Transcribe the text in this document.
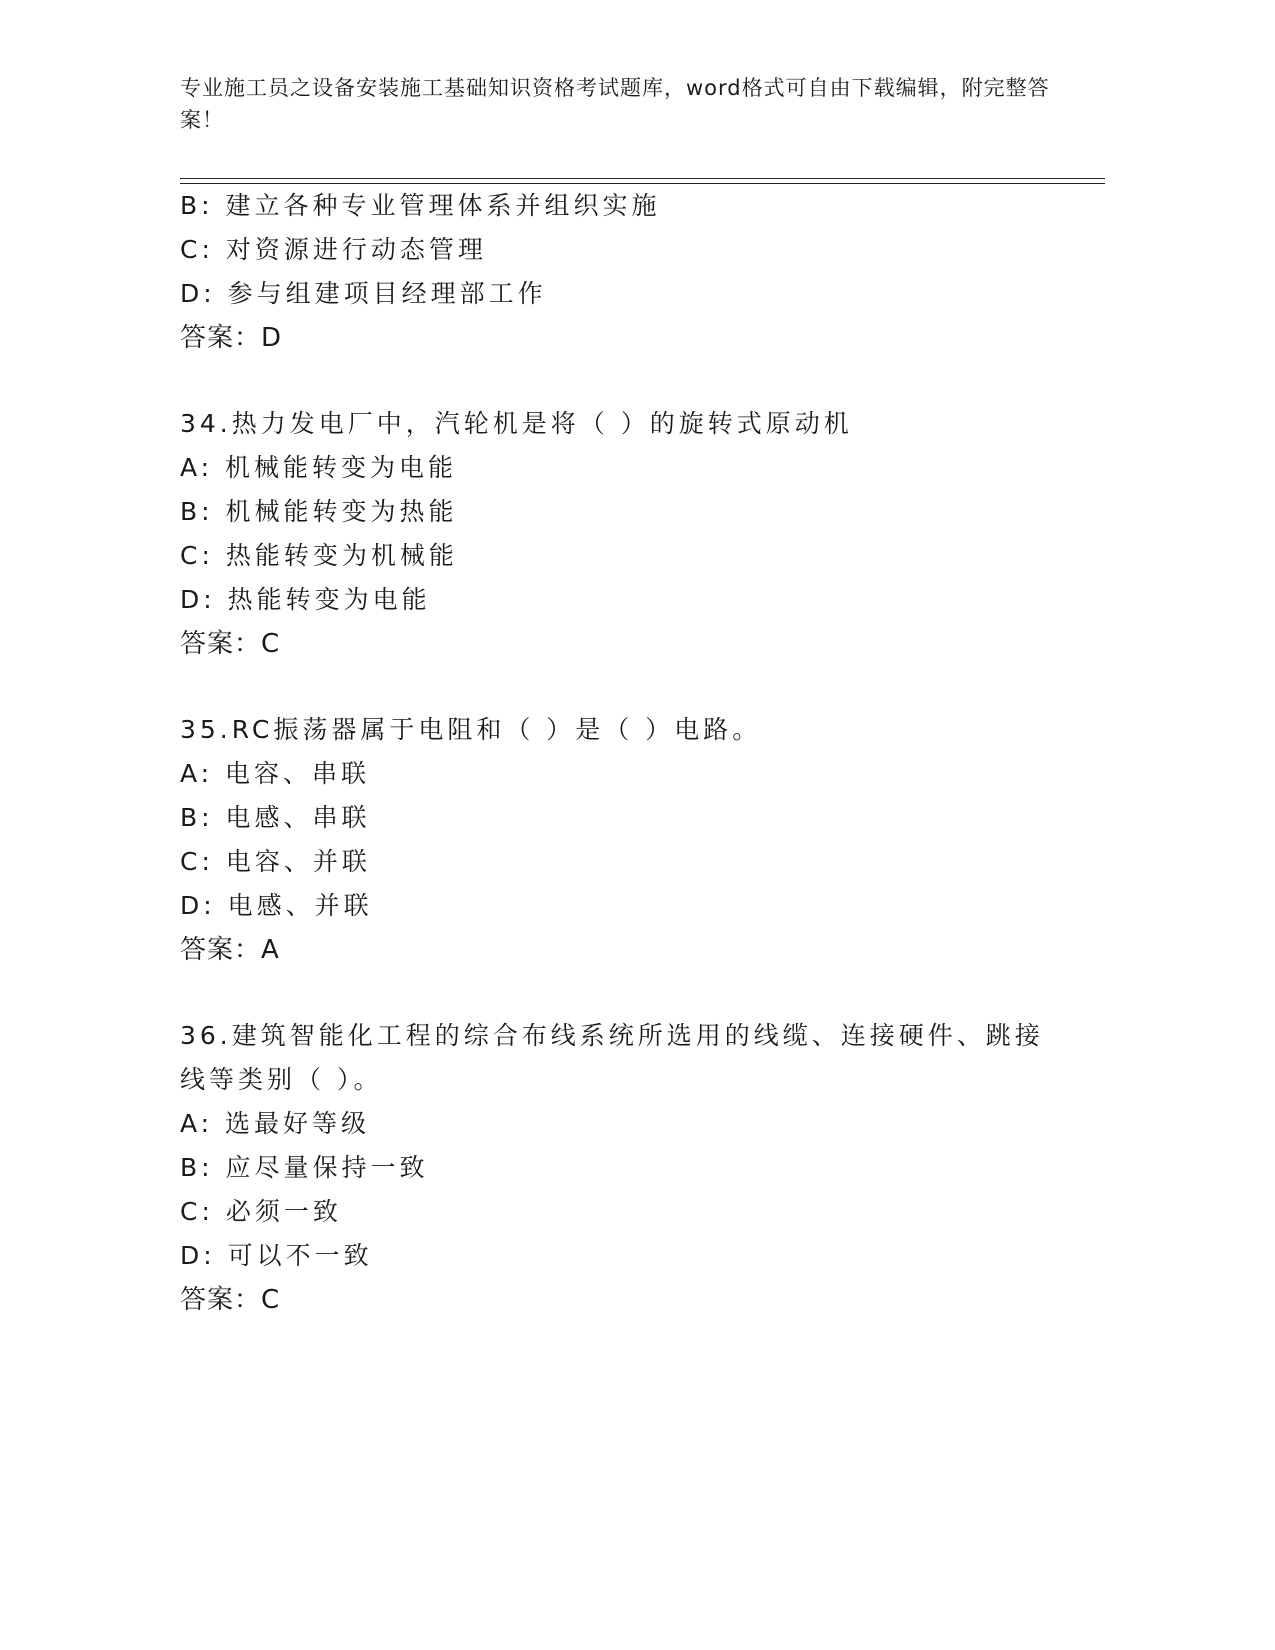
专业施工员之设备安装施工基础知识资格考试题库，word格式可自由下载编辑，附完整答案！

B: 建立各种专业管理体系并组织实施
C: 对资源进行动态管理
D: 参与组建项目经理部工作
答案：D
34.热力发电厂中，汽轮机是将（ ）的旋转式原动机
A: 机械能转变为电能
B: 机械能转变为热能
C: 热能转变为机械能
D: 热能转变为电能
答案：C
35.RC振荡器属于电阻和（ ）是（ ）电路。
A: 电容、串联
B: 电感、串联
C: 电容、并联
D: 电感、并联
答案：A
36.建筑智能化工程的综合布线系统所选用的线缆、连接硬件、跳接线等类别（ ）。
A: 选最好等级
B: 应尽量保持一致
C: 必须一致
D: 可以不一致
答案：C
